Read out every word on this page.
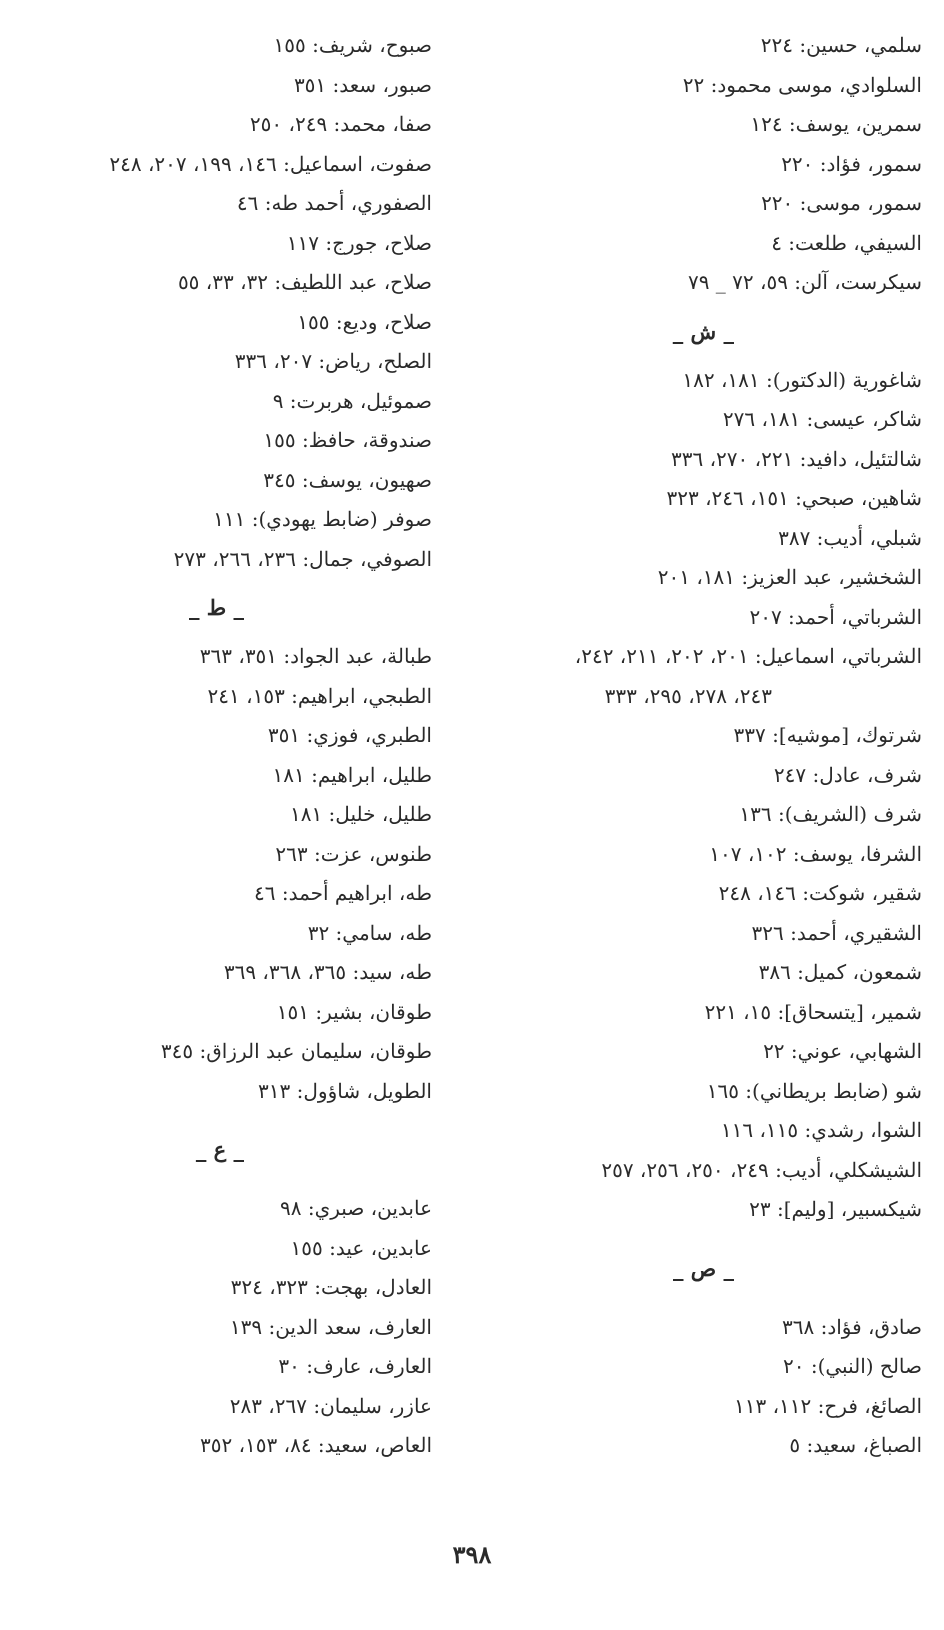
سلمي، حسين: ٢٢٤
السلوادي، موسى محمود: ٢٢
سمرين، يوسف: ١٢٤
سمور، فؤاد: ٢٢٠
سمور، موسى: ٢٢٠
السيفي، طلعت: ٤
سيكرست، آلن: ٥٩، ٧٢ _ ٧٩
_ ش _
شاغورية (الدكتور): ١٨١، ١٨٢
شاكر، عيسى: ١٨١، ٢٧٦
شالتئيل، دافيد: ٢٢١، ٢٧٠، ٣٣٦
شاهين، صبحي: ١٥١، ٢٤٦، ٣٢٣
شبلي، أديب: ٣٨٧
الشخشير، عبد العزيز: ١٨١، ٢٠١
الشرباتي، أحمد: ٢٠٧
الشرباتي، اسماعيل: ٢٠١، ٢٠٢، ٢١١، ٢٤٢،
٢٤٣، ٢٧٨، ٢٩٥، ٣٣٣
شرتوك، [موشيه]: ٣٣٧
شرف، عادل: ٢٤٧
شرف (الشريف): ١٣٦
الشرفا، يوسف: ١٠٢، ١٠٧
شقير، شوكت: ١٤٦، ٢٤٨
الشقيري، أحمد: ٣٢٦
شمعون، كميل: ٣٨٦
شمير، [يتسحاق]: ١٥، ٢٢١
الشهابي، عوني: ٢٢
شو (ضابط بريطاني): ١٦٥
الشوا، رشدي: ١١٥، ١١٦
الشيشكلي، أديب: ٢٤٩، ٢٥٠، ٢٥٦، ٢٥٧
شيكسبير، [وليم]: ٢٣
_ ص _
صادق، فؤاد: ٣٦٨
صالح (النبي): ٢٠
الصائغ، فرح: ١١٢، ١١٣
الصباغ، سعيد: ٥
صبوح، شريف: ١٥٥
صبور، سعد: ٣٥١
صفا، محمد: ٢٤٩، ٢٥٠
صفوت، اسماعيل: ١٤٦، ١٩٩، ٢٠٧، ٢٤٨
الصفوري، أحمد طه: ٤٦
صلاح، جورج: ١١٧
صلاح، عبد اللطيف: ٣٢، ٣٣، ٥٥
صلاح، وديع: ١٥٥
الصلح، رياض: ٢٠٧، ٣٣٦
صموئيل، هربرت: ٩
صندوقة، حافظ: ١٥٥
صهيون، يوسف: ٣٤٥
صوفر (ضابط يهودي): ١١١
الصوفي، جمال: ٢٣٦، ٢٦٦، ٢٧٣
_ ط _
طبالة، عبد الجواد: ٣٥١، ٣٦٣
الطبجي، ابراهيم: ١٥٣، ٢٤١
الطبري، فوزي: ٣٥١
طليل، ابراهيم: ١٨١
طليل، خليل: ١٨١
طنوس، عزت: ٢٦٣
طه، ابراهيم أحمد: ٤٦
طه، سامي: ٣٢
طه، سيد: ٣٦٥، ٣٦٨، ٣٦٩
طوقان، بشير: ١٥١
طوقان، سليمان عبد الرزاق: ٣٤٥
الطويل، شاؤول: ٣١٣
_ ع _
عابدين، صبري: ٩٨
عابدين، عيد: ١٥٥
العادل، بهجت: ٣٢٣، ٣٢٤
العارف، سعد الدين: ١٣٩
العارف، عارف: ٣٠
عازر، سليمان: ٢٦٧، ٢٨٣
العاص، سعيد: ٨٤، ١٥٣، ٣٥٢
٣٩٨
